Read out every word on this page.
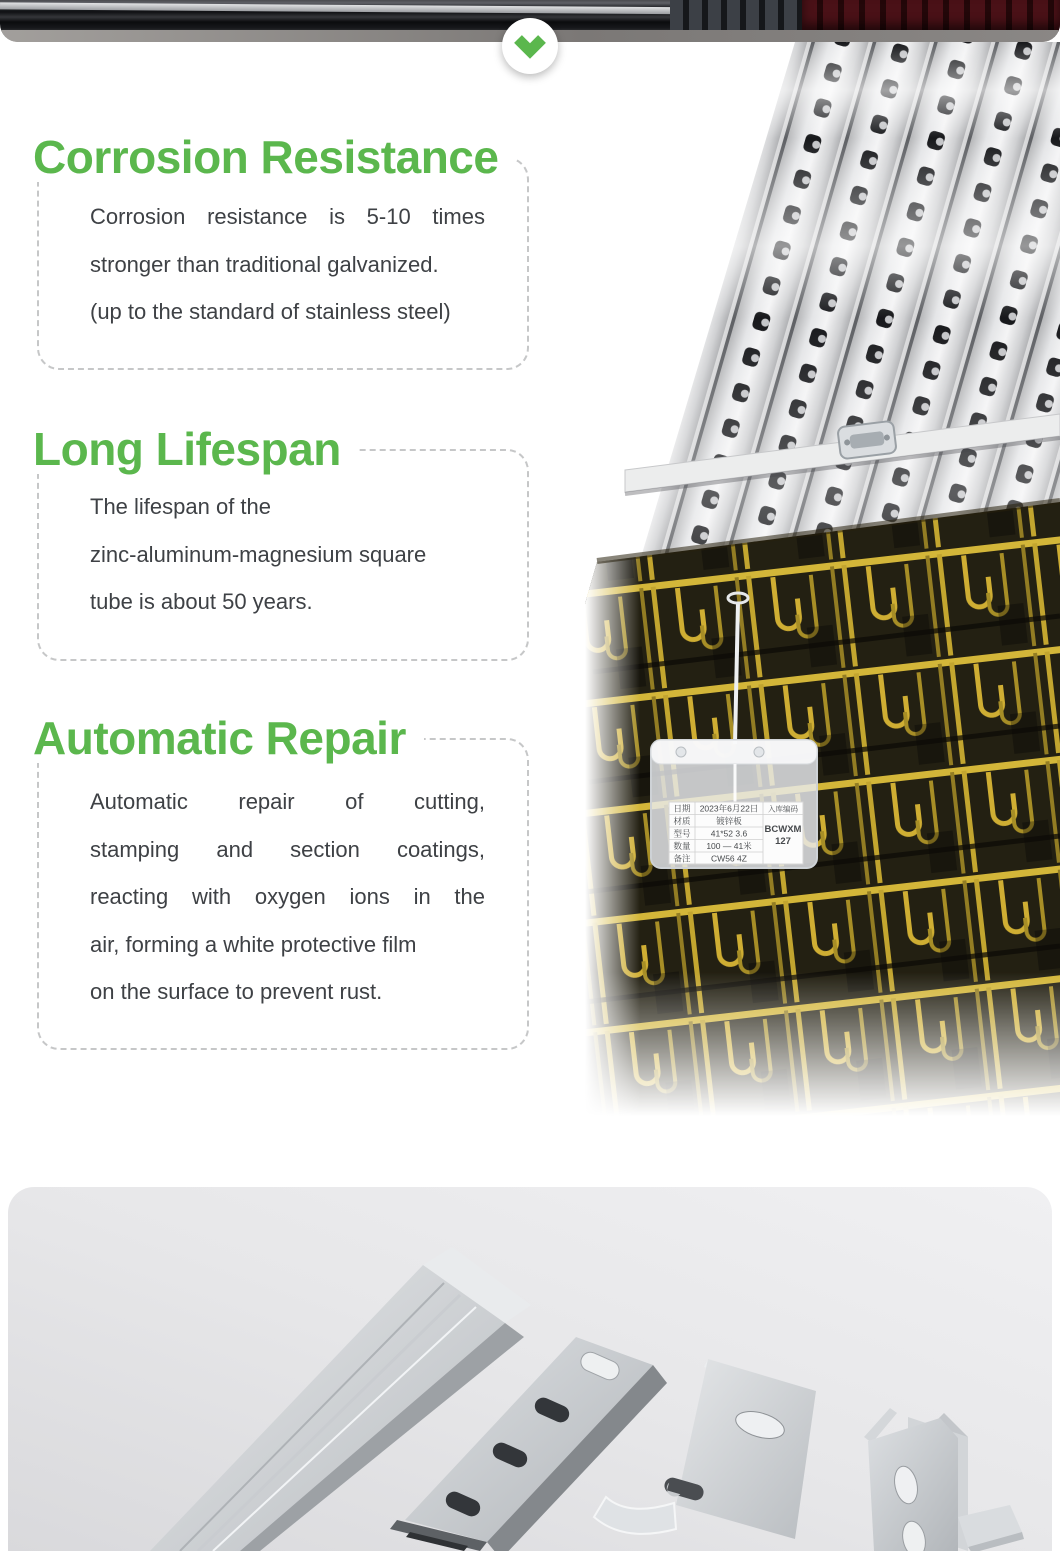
日期 2023年6月22日 入库编码
材质	镀锌板
型号 41*52 3.6
数量 100 — 41米
备注 CW56 4Z
BCWXM
127
Corrosion Resistance
Corrosion resistance is 5-10 times
stronger than traditional galvanized.
(up to the standard of stainless steel)
Long Lifespan
The lifespan of the
zinc-aluminum-magnesium square
tube is about 50 years.
Automatic Repair
Automatic repair of cutting,
stamping and section coatings,
reacting with oxygen ions in the
air, forming a white protective film
on the surface to prevent rust.
